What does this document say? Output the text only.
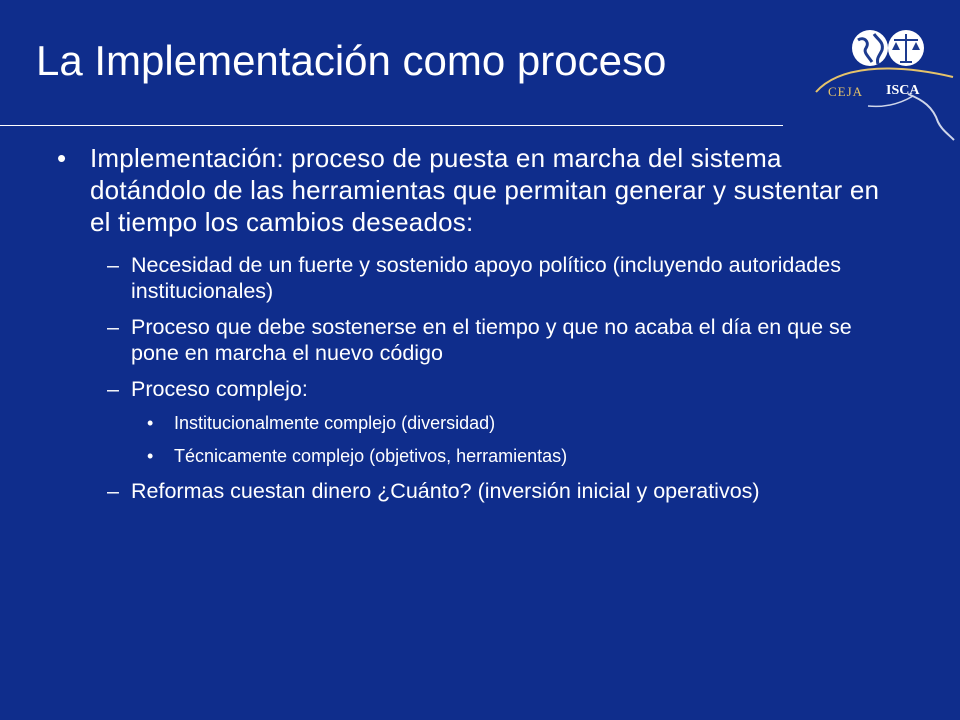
La Implementación como proceso
CEJA ISCA

• Implementación: proceso de puesta en marcha del sistema dotándolo de las herramientas que permitan generar y sustentar en el tiempo los cambios deseados:

– Necesidad de un fuerte y sostenido apoyo político (incluyendo autoridades institucionales)

– Proceso que debe sostenerse en el tiempo y que no acaba el día en que se pone en marcha el nuevo código

– Proceso complejo:

• Institucionalmente complejo (diversidad)

• Técnicamente complejo (objetivos, herramientas)

– Reformas cuestan dinero ¿Cuánto? (inversión inicial y operativos)
